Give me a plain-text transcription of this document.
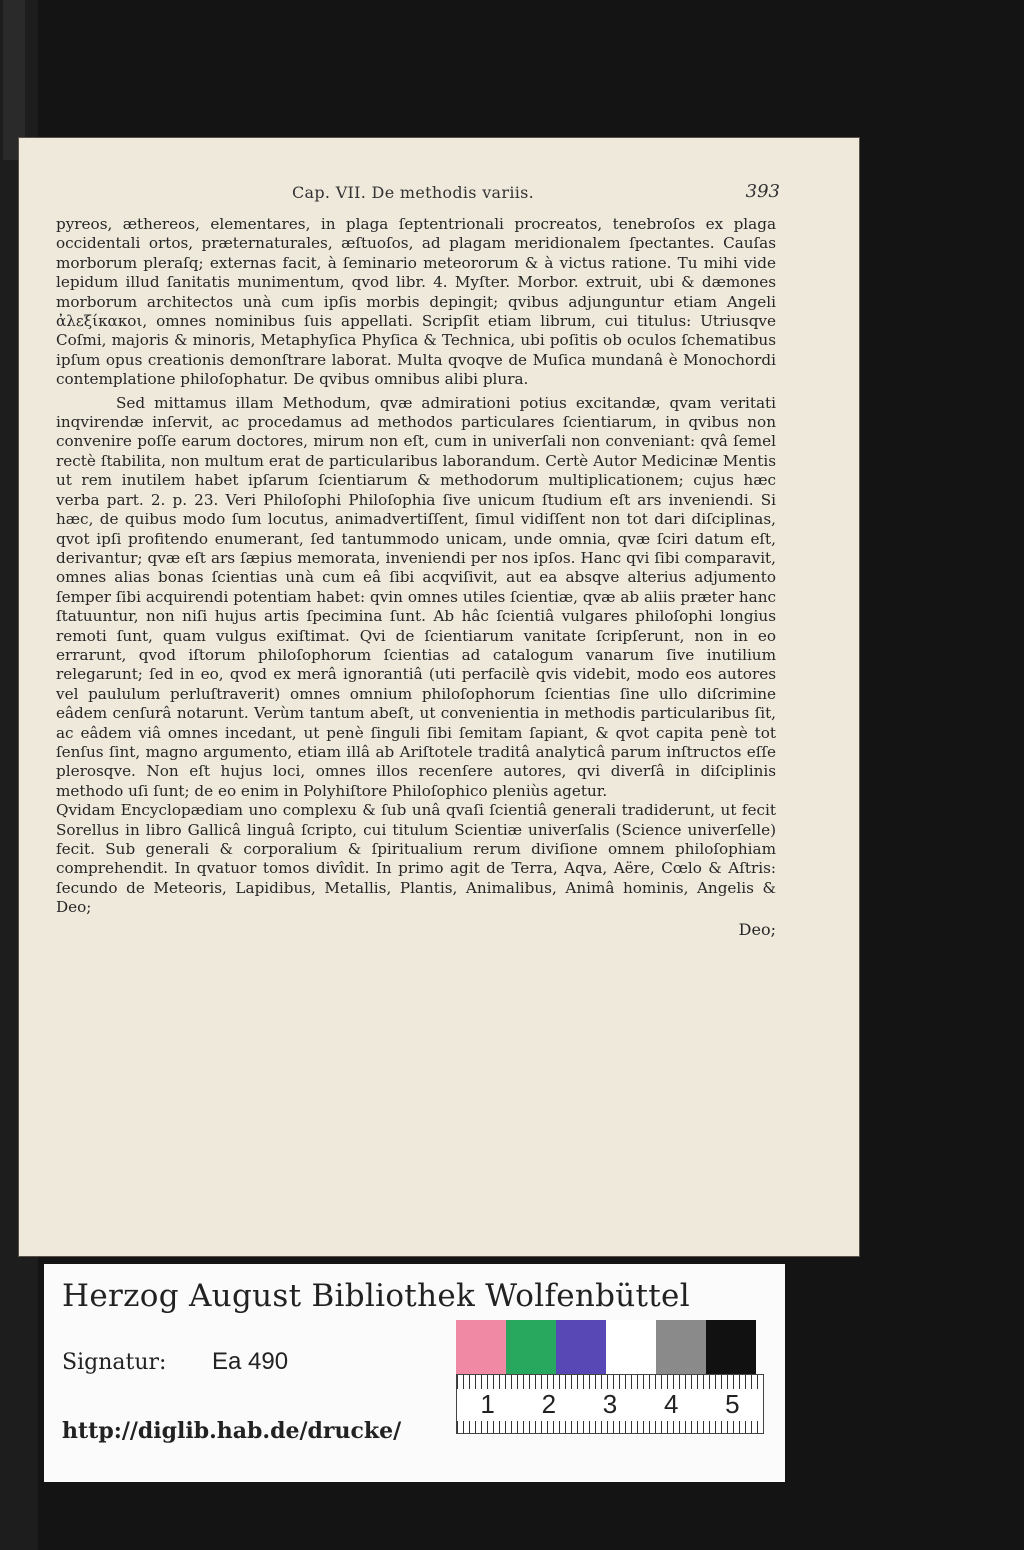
Cap. VII. De methodis variis.	393

pyreos, æthereos, elementares, in plaga ſeptentrionali procreatos, tenebroſos ex plaga occidentali ortos, præternaturales, æſtuoſos, ad plagam meridionalem ſpectantes. Cauſas morborum pleraſq; externas facit, à ſeminario meteororum & à victus ratione. Tu mihi vide lepidum illud ſanitatis munimentum, qvod libr. 4. Myſter. Morbor. extruit, ubi & dæmones morborum architectos unà cum ipſis morbis depingit; qvibus adjunguntur etiam Angeli ἀλεξίκακοι, omnes nominibus ſuis appellati. Scripſit etiam librum, cui titulus: Utriusqve Coſmi, majoris & minoris, Metaphyſica Phyſica & Technica, ubi poſitis ob oculos ſchematibus ipſum opus creationis demonſtrare laborat. Multa qvoqve de Muſica mundanâ è Monochordi contemplatione philoſophatur. De qvibus omnibus alibi plura.

Sed mittamus illam Methodum, qvæ admirationi potius excitandæ, qvam veritati inqvirendæ inſervit, ac procedamus ad methodos particulares ſcientiarum, in qvibus non convenire poſſe earum doctores, mirum non eſt, cum in univerſali non conveniant: qvâ ſemel rectè ſtabilita, non multum erat de particularibus laborandum. Certè Autor Medicinæ Mentis ut rem inutilem habet ipſarum ſcientiarum & methodorum multiplicationem; cujus hæc verba part. 2. p. 23. Veri Philoſophi Philoſophia ſive unicum ſtudium eſt ars inveniendi. Si hæc, de quibus modo ſum locutus, animadvertiſſent, ſimul vidiſſent non tot dari diſciplinas, qvot ipſi profitendo enumerant, ſed tantummodo unicam, unde omnia, qvæ ſciri datum eſt, derivantur; qvæ eſt ars ſæpius memorata, inveniendi per nos ipſos. Hanc qvi ſibi comparavit, omnes alias bonas ſcientias unà cum eâ ſibi acqviſivit, aut ea absqve alterius adjumento ſemper ſibi acquirendi potentiam habet: qvin omnes utiles ſcientiæ, qvæ ab aliis præter hanc ſtatuuntur, non niſi hujus artis ſpecimina ſunt. Ab hâc ſcientiâ vulgares philoſophi longius remoti ſunt, quam vulgus exiſtimat. Qvi de ſcientiarum vanitate ſcripſerunt, non in eo errarunt, qvod iſtorum philoſophorum ſcientias ad catalogum vanarum ſive inutilium relegarunt; ſed in eo, qvod ex merâ ignorantiâ (uti perfacilè qvis videbit, modo eos autores vel paululum perluſtraverit) omnes omnium philoſophorum ſcientias ſine ullo diſcrimine eâdem cenſurâ notarunt. Verùm tantum abeſt, ut convenientia in methodis particularibus ſit, ac eâdem viâ omnes incedant, ut penè ſinguli ſibi ſemitam ſapiant, & qvot capita penè tot ſenſus ſint, magno argumento, etiam illâ ab Ariſtotele traditâ analyticâ parum inſtructos eſſe plerosqve. Non eſt hujus loci, omnes illos recenſere autores, qvi diverſâ in diſciplinis methodo uſi ſunt; de eo enim in Polyhiſtore Philoſophico pleniùs agetur.

Qvidam Encyclopædiam uno complexu & ſub unâ qvaſi ſcientiâ generali tradiderunt, ut fecit Sorellus in libro Gallicâ linguâ ſcripto, cui titulum Scientiæ univerſalis (Science univerſelle) fecit. Sub generali & corporalium & ſpiritualium rerum diviſione omnem philoſophiam comprehendit. In qvatuor tomos divîdit. In primo agit de Terra, Aqva, Aëre, Cœlo & Aſtris: ſecundo de Meteoris, Lapidibus, Metallis, Plantis, Animalibus, Animâ hominis, Angelis & Deo;

Deo;
Herzog August Bibliothek Wolfenbüttel
Signatur: Ea 490
http://diglib.hab.de/drucke/
1	2	3	4	5
